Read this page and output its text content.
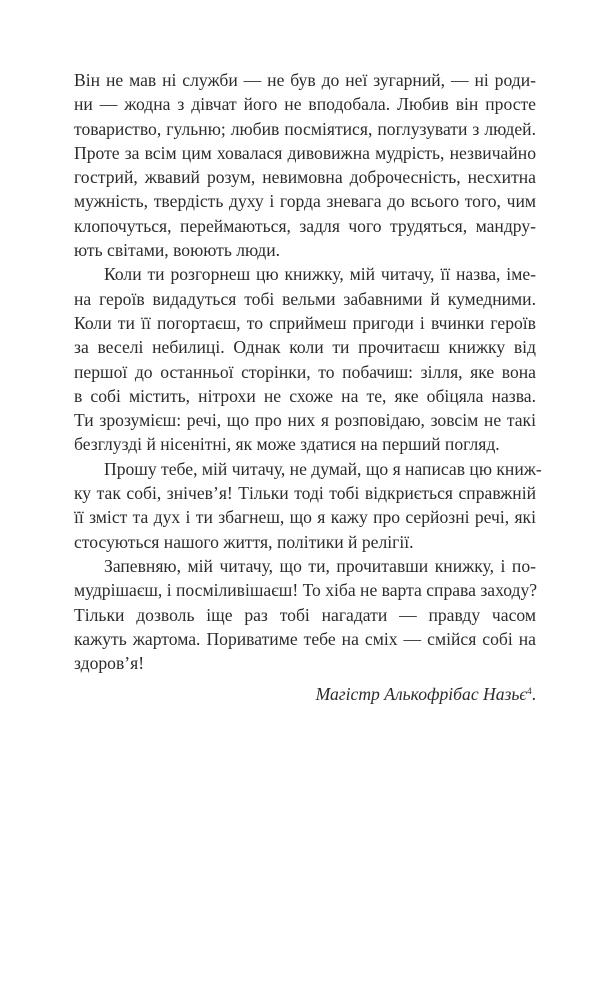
Він не мав ні служби — не був до неї зугарний, — ні роди-
ни — жодна з дівчат його не вподобала. Любив він просте
товариство, гульню; любив посміятися, поглузувати з людей.
Проте за всім цим ховалася дивовижна мудрість, незвичайно
гострий, жвавий розум, невимовна доброчесність, несхитна
мужність, твердість духу і горда зневага до всього того, чим
клопочуться, переймаються, задля чого трудяться, мандру-
ють світами, воюють люди.
Коли ти розгорнеш цю книжку, мій читачу, її назва, іме-
на героїв видадуться тобі вельми забавними й кумедними.
Коли ти її погортаєш, то сприймеш пригоди і вчинки героїв
за веселі небилиці. Однак коли ти прочитаєш книжку від
першої до останньої сторінки, то побачиш: зілля, яке вона
в собі містить, нітрохи не схоже на те, яке обіцяла назва.
Ти зрозумієш: речі, що про них я розповідаю, зовсім не такі
безглузді й нісенітні, як може здатися на перший погляд.
Прошу тебе, мій читачу, не думай, що я написав цю книж-
ку так собі, знічев’я! Тільки тоді тобі відкриється справжній
її зміст та дух і ти збагнеш, що я кажу про серйозні речі, які
стосуються нашого життя, політики й релігії.
Запевняю, мій читачу, що ти, прочитавши книжку, і по-
мудрішаєш, і посміливішаєш! То хіба не варта справа заходу?
Тільки дозволь іще раз тобі нагадати — правду часом
кажуть жартома. Пориватиме тебе на сміх — смійся собі на
здоров’я!
Магістр Алькофрібас Назьє$^4$.
